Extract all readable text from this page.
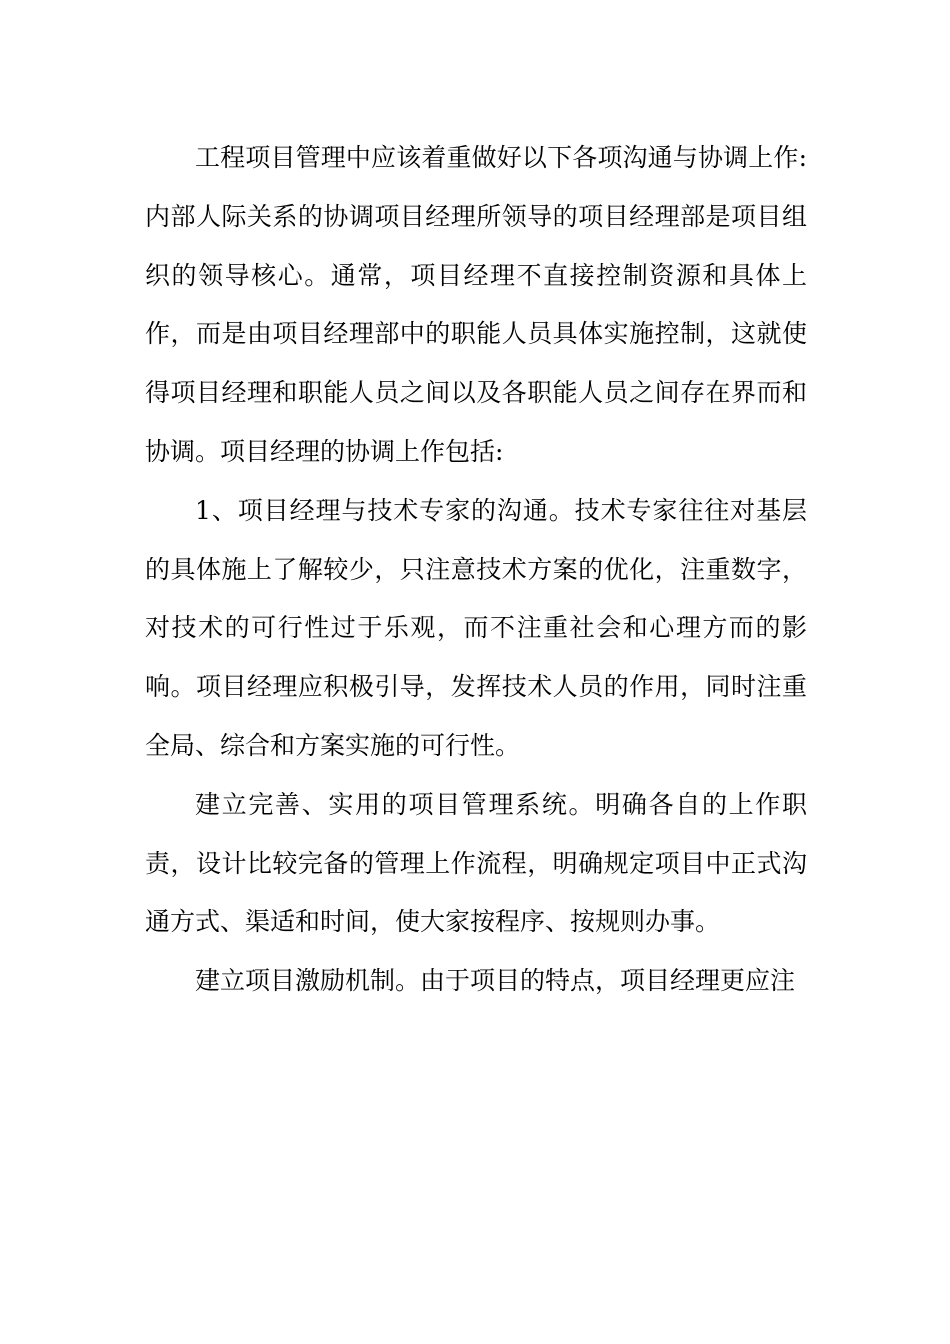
工程项目管理中应该着重做好以下各项沟通与协调上作:内部人际关系的协调项目经理所领导的项目经理部是项目组织的领导核心。通常，项目经理不直接控制资源和具体上作，而是由项目经理部中的职能人员具体实施控制，这就使得项目经理和职能人员之间以及各职能人员之间存在界而和协调。项目经理的协调上作包括:

1、项目经理与技术专家的沟通。技术专家往往对基层的具体施上了解较少，只注意技术方案的优化，注重数字，对技术的可行性过于乐观，而不注重社会和心理方而的影响。项目经理应积极引导，发挥技术人员的作用，同时注重全局、综合和方案实施的可行性。

建立完善、实用的项目管理系统。明确各自的上作职责，设计比较完备的管理上作流程，明确规定项目中正式沟通方式、渠适和时间，使大家按程序、按规则办事。

建立项目激励机制。由于项目的特点，项目经理更应注
